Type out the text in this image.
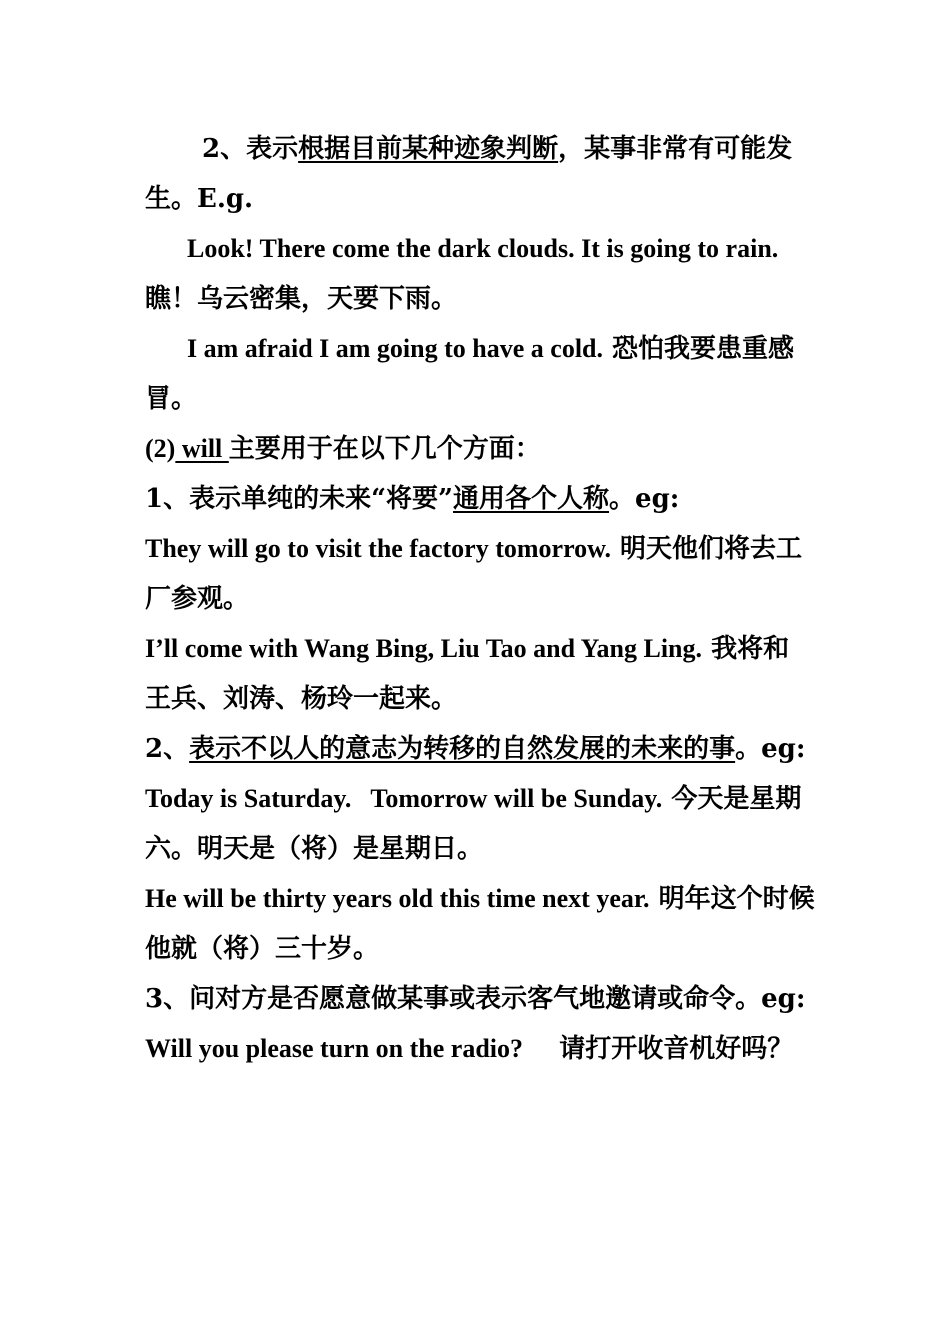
2、表示根据目前某种迹象判断，某事非常有可能发生。E.g.

Look! There come the dark clouds. It is going to rain. 瞧！乌云密集，天要下雨。

I am afraid I am going to have a cold. 恐怕我要患重感冒。

(2) will 主要用于在以下几个方面：

1、表示单纯的未来“将要”通用各个人称。eg:

They will go to visit the factory tomorrow. 明天他们将去工厂参观。

I’ll come with Wang Bing, Liu Tao and Yang Ling. 我将和王兵、刘涛、杨玲一起来。

2、表示不以人的意志为转移的自然发展的未来的事。eg:

Today is Saturday.   Tomorrow will be Sunday. 今天是星期六。明天是（将）是星期日。

He will be thirty years old this time next year. 明年这个时候他就（将）三十岁。

3、问对方是否愿意做某事或表示客气地邀请或命令。eg:

Will you please turn on the radio?    请打开收音机好吗？
